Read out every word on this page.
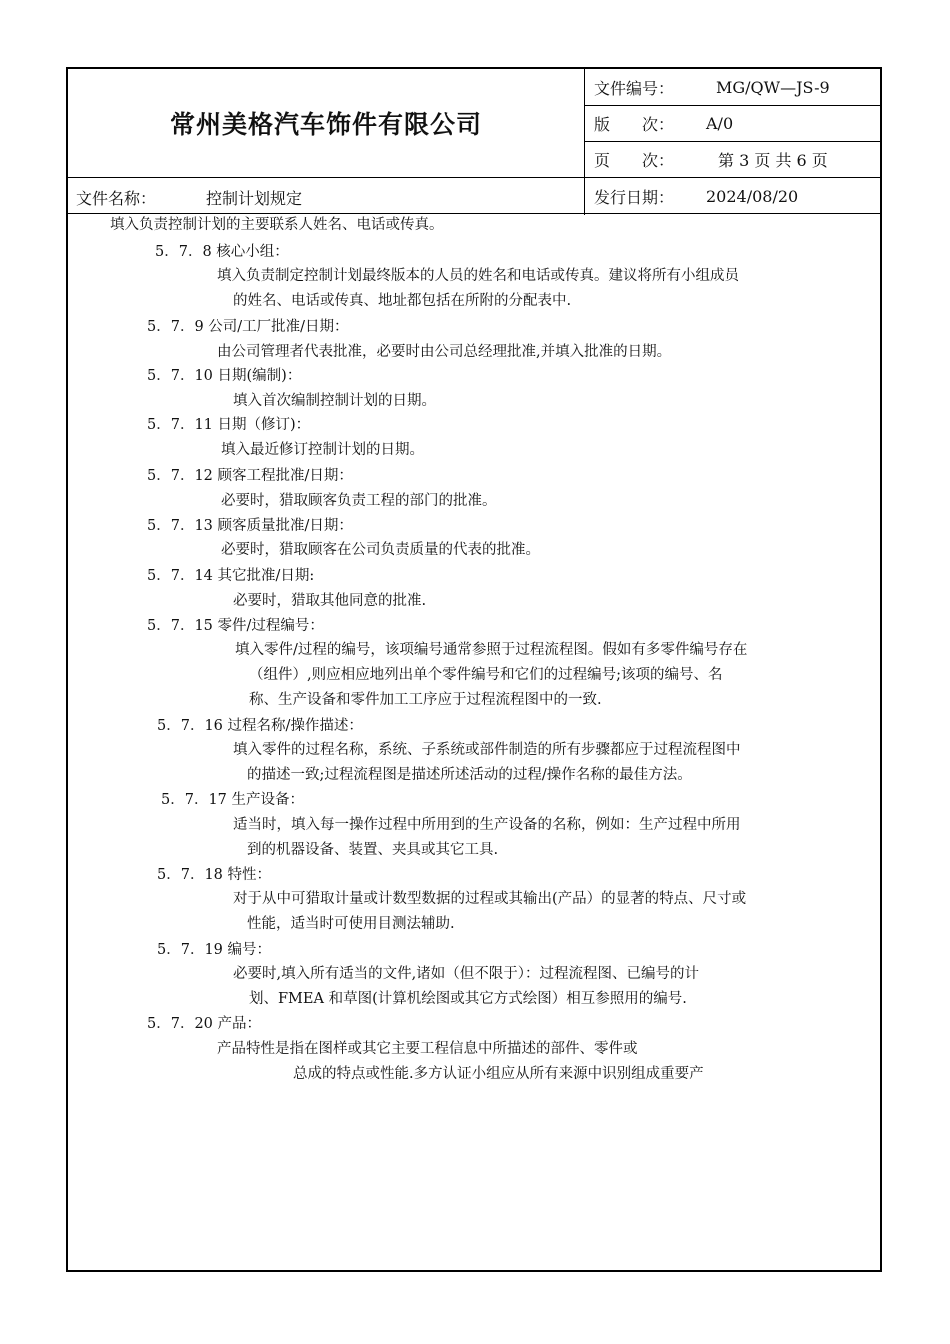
常州美格汽车饰件有限公司
文件编号：	MG/QW—JS-9
版　　次：	A/0
页　　次：	第 3 页 共 6 页
文件名称：	控制计划规定	发行日期：	2024/08/20
填入负责控制计划的主要联系人姓名、电话或传真。
5．7．8 核心小组：
填入负责制定控制计划最终版本的人员的姓名和电话或传真。建议将所有小组成员
的姓名、电话或传真、地址都包括在所附的分配表中.
5．7．9 公司/工厂批准/日期：
由公司管理者代表批准，必要时由公司总经理批准,并填入批准的日期。
5．7．10 日期(编制)：
填入首次编制控制计划的日期。
5．7．11 日期（修订)：
填入最近修订控制计划的日期。
5．7．12 顾客工程批准/日期：
必要时，猎取顾客负责工程的部门的批准。
5．7．13 顾客质量批准/日期：
必要时，猎取顾客在公司负责质量的代表的批准。
5．7．14 其它批准/日期:
必要时，猎取其他同意的批准.
5．7．15 零件/过程编号：
填入零件/过程的编号，该项编号通常参照于过程流程图。假如有多零件编号存在
（组件）,则应相应地列出单个零件编号和它们的过程编号;该项的编号、名
称、生产设备和零件加工工序应于过程流程图中的一致.
5．7．16 过程名称/操作描述：
填入零件的过程名称，系统、子系统或部件制造的所有步骤都应于过程流程图中
的描述一致;过程流程图是描述所述活动的过程/操作名称的最佳方法。
5．7．17 生产设备：
适当时，填入每一操作过程中所用到的生产设备的名称，例如：生产过程中所用
到的机器设备、装置、夹具或其它工具.
5．7．18 特性：
对于从中可猎取计量或计数型数据的过程或其输出(产品）的显著的特点、尺寸或
性能，适当时可使用目测法辅助.
5．7．19 编号：
必要时,填入所有适当的文件,诸如（但不限于）：过程流程图、已编号的计
划、FMEA 和草图(计算机绘图或其它方式绘图）相互参照用的编号.
5．7．20 产品：
产品特性是指在图样或其它主要工程信息中所描述的部件、零件或
总成的特点或性能.多方认证小组应从所有来源中识别组成重要产
